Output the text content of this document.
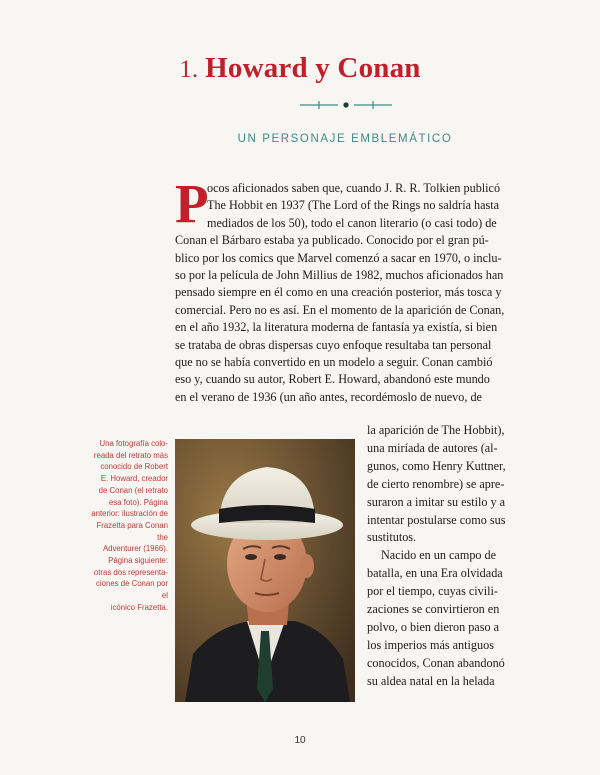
1. Howard y Conan
UN PERSONAJE EMBLEMÁTICO
P
ocos aficionados saben que, cuando J. R. R. Tolkien publicó
The Hobbit en 1937 (The Lord of the Rings no saldría hasta
mediados de los 50), todo el canon literario (o casi todo) de
Conan el Bárbaro estaba ya publicado. Conocido por el gran pú-
blico por los comics que Marvel comenzó a sacar en 1970, o inclu-
so por la película de John Millius de 1982, muchos aficionados han
pensado siempre en él como en una creación posterior, más tosca y
comercial. Pero no es así. En el momento de la aparición de Conan,
en el año 1932, la literatura moderna de fantasía ya existía, si bien
se trataba de obras dispersas cuyo enfoque resultaba tan personal
que no se había convertido en un modelo a seguir. Conan cambió
eso y, cuando su autor, Robert E. Howard, abandonó este mundo
en el verano de 1936 (un año antes, recordémoslo de nuevo, de
la aparición de The Hobbit),
una miríada de autores (al-
gunos, como Henry Kuttner,
de cierto renombre) se apre-
suraron a imitar su estilo y a
intentar postularse como sus
sustitutos.
Nacido en un campo de
batalla, en una Era olvidada
por el tiempo, cuyas civili-
zaciones se convirtieron en
polvo, o bien dieron paso a
los imperios más antiguos
conocidos, Conan abandonó
su aldea natal en la helada
Una fotografía colo-
reada del retrato más
conocido de Robert
E. Howard, creador
de Conan (el retrato
esa foto). Página
anterior: ilustración de
Frazetta para Conan the
Adventurer (1966).
Página siguiente:
otras dos representa-
ciones de Conan por el
icónico Frazetta.
10
